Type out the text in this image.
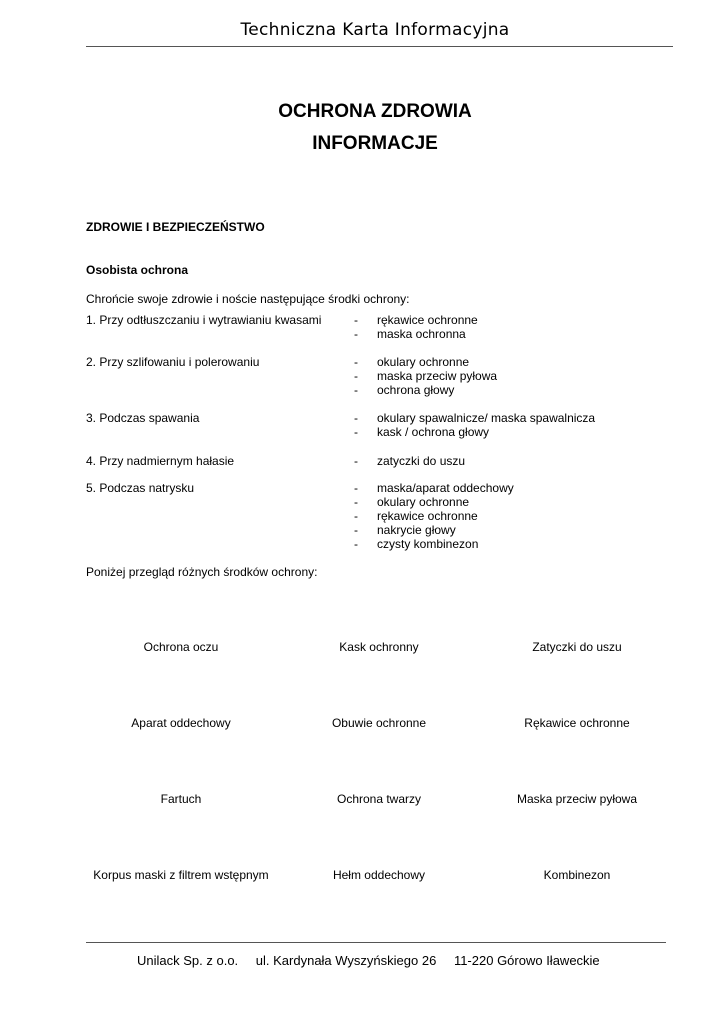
Techniczna Karta Informacyjna
OCHRONA ZDROWIA
INFORMACJE
ZDROWIE I BEZPIECZEŃSTWO
Osobista ochrona
Chrońcie swoje zdrowie i noście następujące środki ochrony:
1. Przy odtłuszczaniu i wytrawianiu kwasami	- rękawice ochronne
- maska ochronna
2. Przy szlifowaniu i polerowaniu	- okulary ochronne
- maska przeciw pyłowa
- ochrona głowy
3. Podczas spawania	- okulary spawalnicze/ maska spawalnicza
- kask / ochrona głowy
4. Przy nadmiernym hałasie	- zatyczki do uszu
5. Podczas natrysku	- maska/aparat oddechowy
- okulary ochronne
- rękawice ochronne
- nakrycie głowy
- czysty kombinezon
Poniżej przegląd różnych środków ochrony:
Ochrona oczu	Kask ochronny	Zatyczki do uszu
Aparat oddechowy	Obuwie ochronne	Rękawice ochronne
Fartuch	Ochrona twarzy	Maska przeciw pyłowa
Korpus maski z filtrem wstępnym	Hełm oddechowy	Kombinezon
Unilack Sp. z o.o. ul. Kardynała Wyszyńskiego 26 11-220 Górowo Iławeckie
